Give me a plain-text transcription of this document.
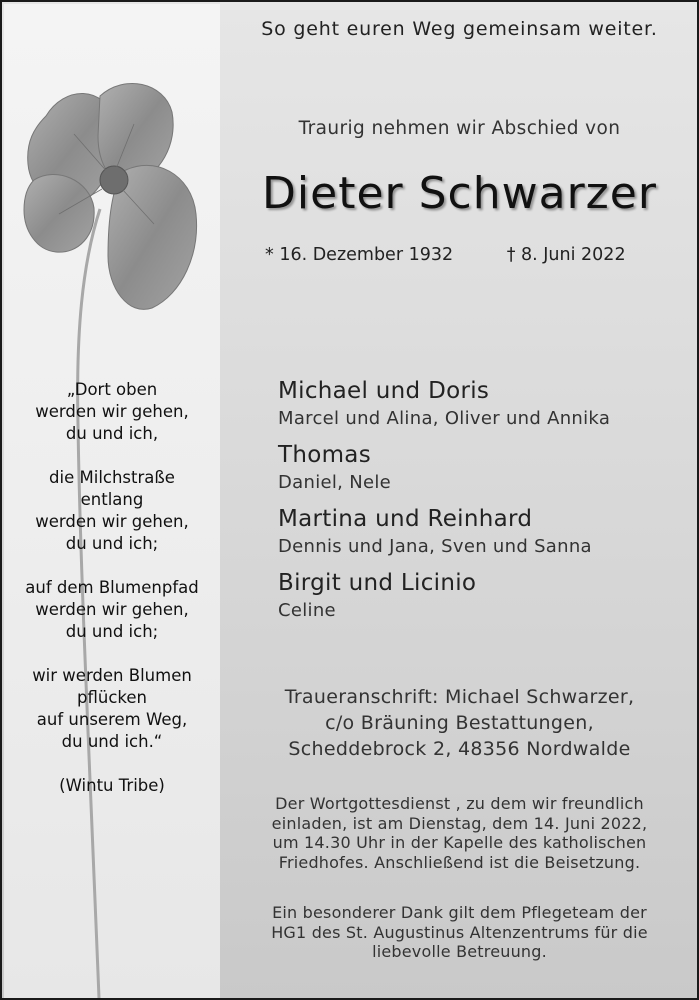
„Dort oben
werden wir gehen,
du und ich,
die Milchstraße
entlang
werden wir gehen,
du und ich;
auf dem Blumenpfad
werden wir gehen,
du und ich;
wir werden Blumen
pflücken
auf unserem Weg,
du und ich.“
(Wintu Tribe)
So geht euren Weg gemeinsam weiter.
Traurig nehmen wir Abschied von
Dieter Schwarzer
* 16. Dezember 1932	† 8. Juni 2022
Michael und Doris
Marcel und Alina, Oliver und Annika
Thomas
Daniel, Nele
Martina und Reinhard
Dennis und Jana, Sven und Sanna
Birgit und Licinio
Celine
Traueranschrift: Michael Schwarzer,
c/o Bräuning Bestattungen,
Scheddebrock 2, 48356 Nordwalde
Der Wortgottesdienst , zu dem wir freundlich
einladen, ist am Dienstag, dem 14. Juni 2022,
um 14.30 Uhr in der Kapelle des katholischen
Friedhofes. Anschließend ist die Beisetzung.
Ein besonderer Dank gilt dem Pflegeteam der
HG1 des St. Augustinus Altenzentrums für die
liebevolle Betreuung.
